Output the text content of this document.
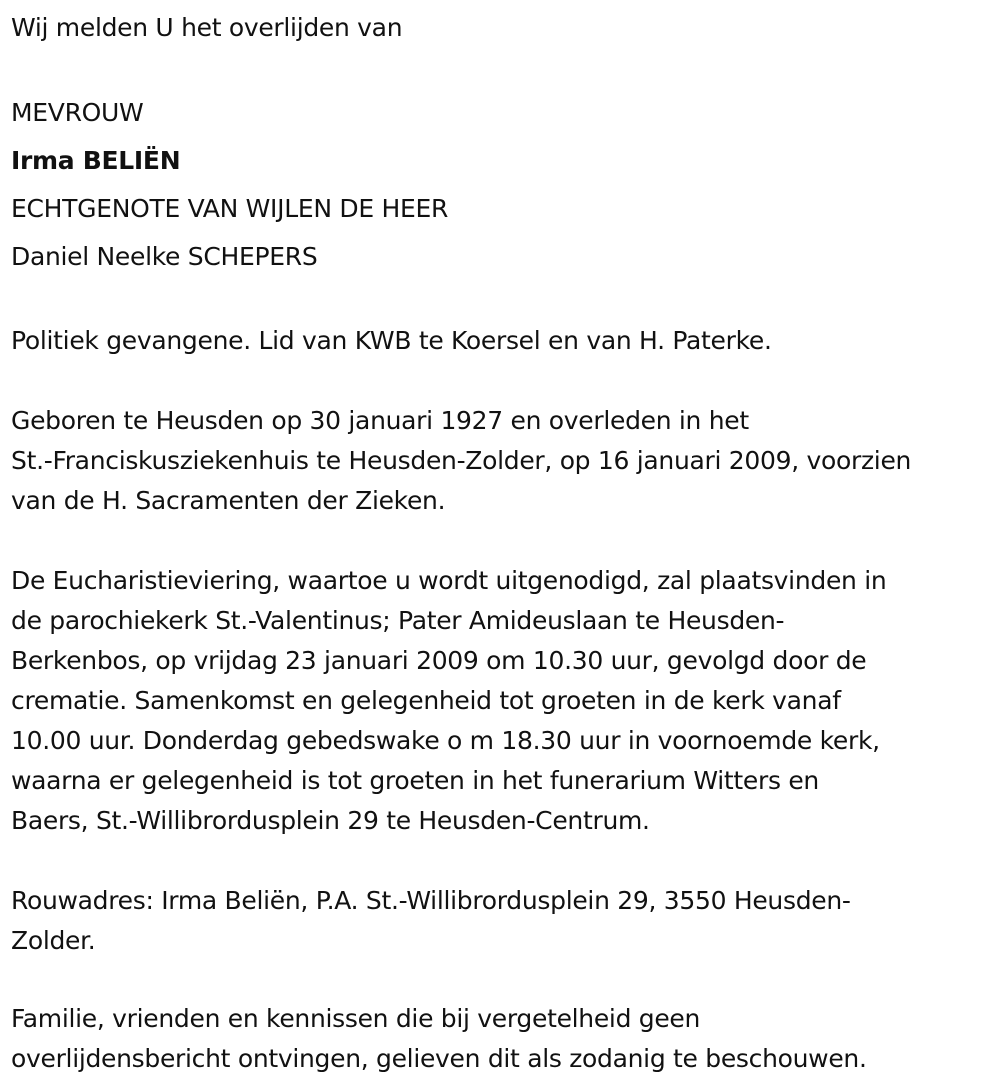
Wij melden U het overlijden van
MEVROUW
Irma BELIËN
ECHTGENOTE VAN WIJLEN DE HEER
Daniel Neelke SCHEPERS
Politiek gevangene. Lid van KWB te Koersel en van H. Paterke.
Geboren te Heusden op 30 januari 1927 en overleden in het
St.-Franciskusziekenhuis te Heusden-Zolder, op 16 januari 2009, voorzien
van de H. Sacramenten der Zieken.
De Eucharistieviering, waartoe u wordt uitgenodigd, zal plaatsvinden in
de parochiekerk St.-Valentinus; Pater Amideuslaan te Heusden-
Berkenbos, op vrijdag 23 januari 2009 om 10.30 uur, gevolgd door de
crematie. Samenkomst en gelegenheid tot groeten in de kerk vanaf
10.00 uur. Donderdag gebedswake o m 18.30 uur in voornoemde kerk,
waarna er gelegenheid is tot groeten in het funerarium Witters en
Baers, St.-Willibrordusplein 29 te Heusden-Centrum.
Rouwadres: Irma Beliën, P.A. St.-Willibrordusplein 29, 3550 Heusden-
Zolder.
Familie, vrienden en kennissen die bij vergetelheid geen
overlijdensbericht ontvingen, gelieven dit als zodanig te beschouwen.
